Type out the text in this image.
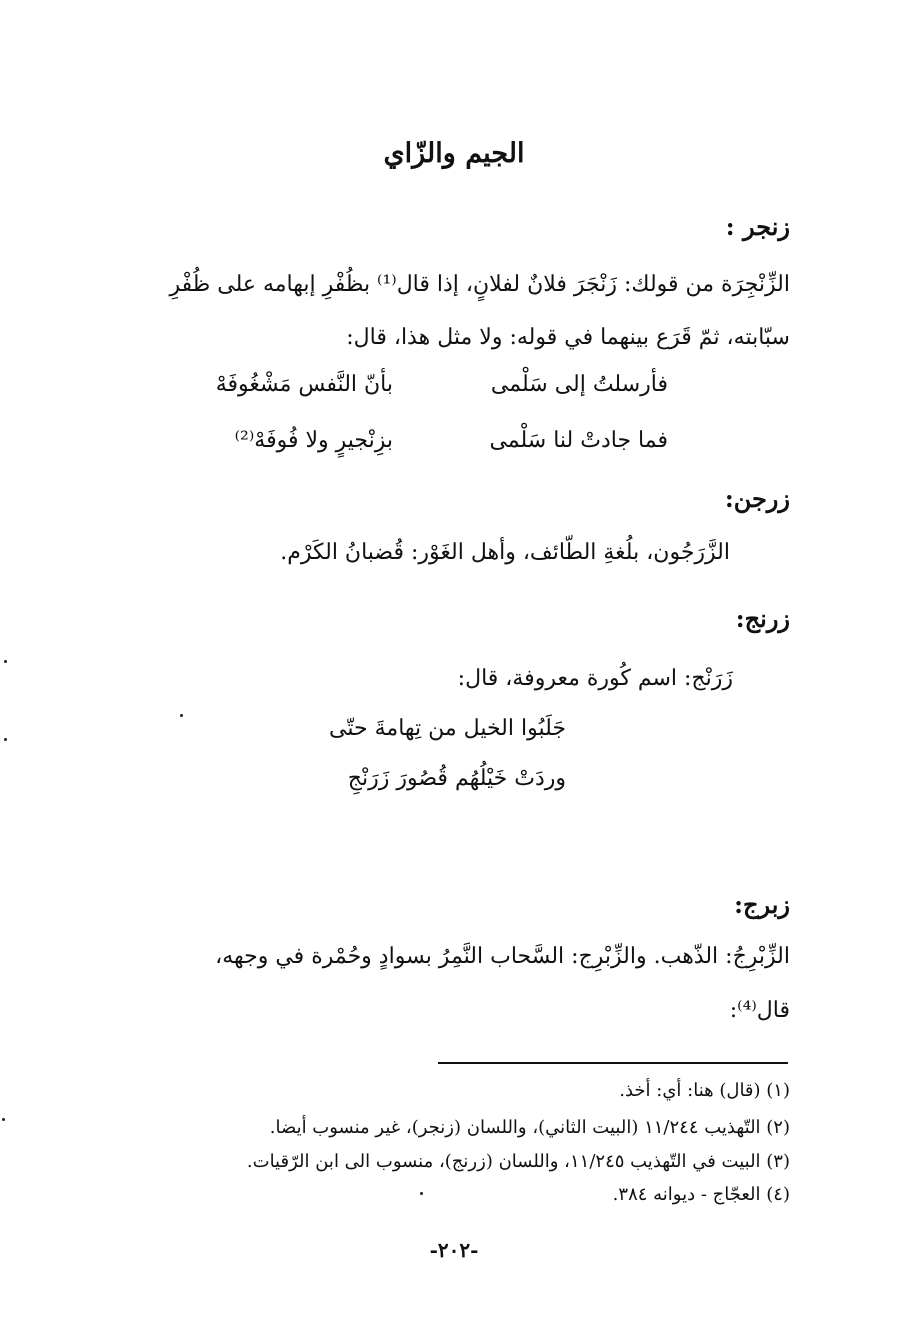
الجيم والزّاي
زنجر :
الزِّنْجِرَة من قولك: زَنْجَرَ فلانٌ لفلانٍ، إذا قال⁽¹⁾ بظُفْرِ إبهامه على ظُفْرِ
سبّابته، ثمّ قَرَع بينهما في قوله: ولا مثل هذا، قال:
فأرسلتُ إلى سَلْمى
بأنّ النَّفس مَشْغُوفَهْ
فما جادتْ لنا سَلْمى
بزِنْجيرٍ ولا فُوفَهْ⁽²⁾
زرجن:
الزَّرَجُون، بلُغةِ الطّائف، وأهل الغَوْر: قُضبانُ الكَرْم.
زرنج:
زَرَنْج: اسم كُورة معروفة، قال:
جَلَبُوا الخيل من تِهامةَ حتّى
وردَتْ خَيْلُهُم قُصُورَ زَرَنْجِ
زبرج:
الزِّبْرِجُ: الذّهب. والزِّبْرِج: السَّحاب النَّمِرُ بسوادٍ وحُمْرة في وجهه،
قال⁽⁴⁾:
(١) (قال) هنا: أي: أخذ.
(٢) التّهذيب ١١/٢٤٤ (البيت الثاني)، واللسان (زنجر)، غير منسوب أيضا.
(٣) البيت في التّهذيب ١١/٢٤٥، واللسان (زرنج)، منسوب الى ابن الرّقيات.
(٤) العجّاج - ديوانه ٣٨٤.
-٢٠٢-
